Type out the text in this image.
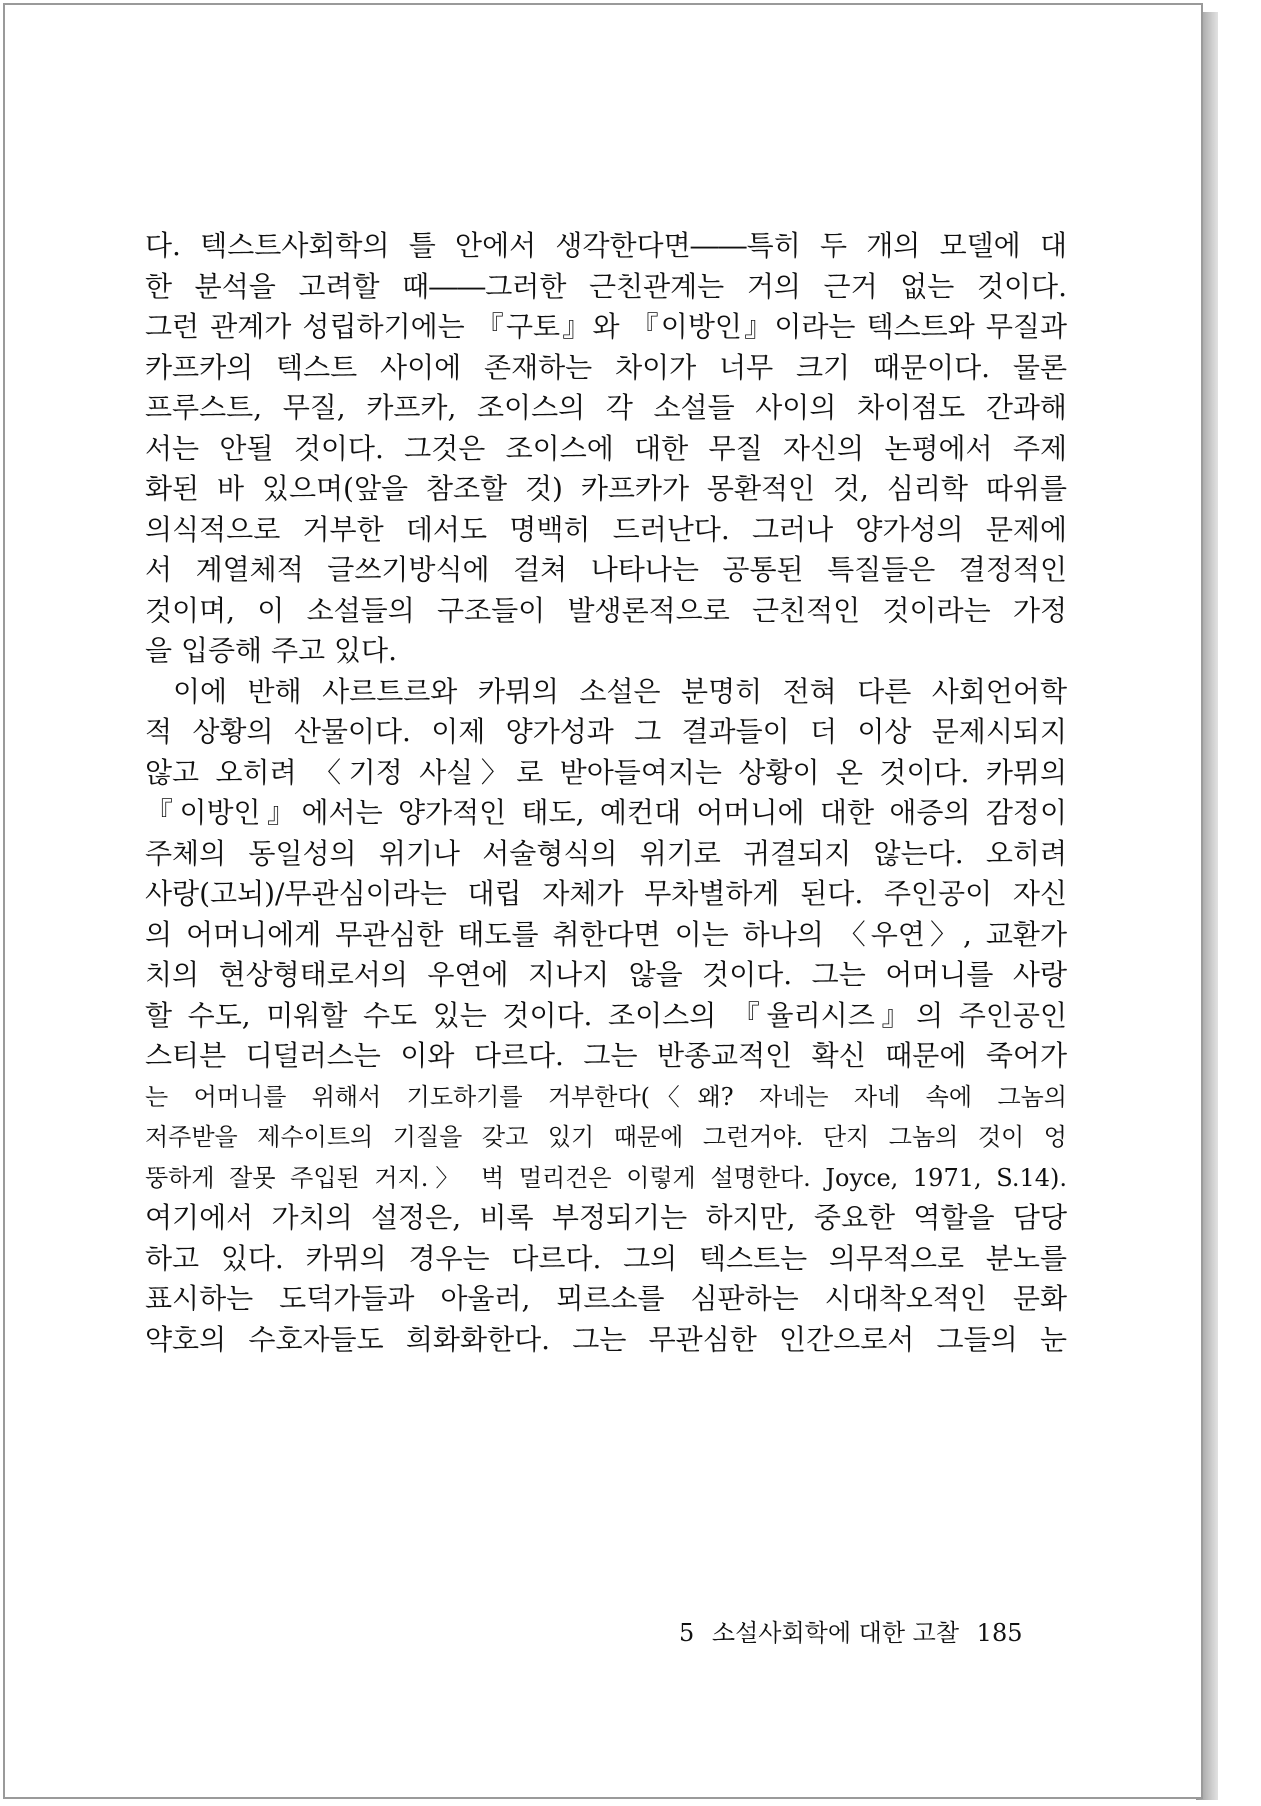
다. 텍스트사회학의 틀 안에서 생각한다면――특히 두 개의 모델에 대
한 분석을 고려할 때――그러한 근친관계는 거의 근거 없는 것이다.
그런 관계가 성립하기에는 『구토』와 『이방인』이라는 텍스트와 무질과
카프카의 텍스트 사이에 존재하는 차이가 너무 크기 때문이다. 물론
프루스트, 무질, 카프카, 조이스의 각 소설들 사이의 차이점도 간과해
서는 안될 것이다. 그것은 조이스에 대한 무질 자신의 논평에서 주제
화된 바 있으며(앞을 참조할 것) 카프카가 몽환적인 것, 심리학 따위를
의식적으로 거부한 데서도 명백히 드러난다. 그러나 양가성의 문제에
서 계열체적 글쓰기방식에 걸쳐 나타나는 공통된 특질들은 결정적인
것이며, 이 소설들의 구조들이 발생론적으로 근친적인 것이라는 가정
을 입증해 주고 있다.
이에 반해 사르트르와 카뮈의 소설은 분명히 전혀 다른 사회언어학
적 상황의 산물이다. 이제 양가성과 그 결과들이 더 이상 문제시되지
않고 오히려 〈기정 사실〉로 받아들여지는 상황이 온 것이다. 카뮈의
『이방인』에서는 양가적인 태도, 예컨대 어머니에 대한 애증의 감정이
주체의 동일성의 위기나 서술형식의 위기로 귀결되지 않는다. 오히려
사랑(고뇌)/무관심이라는 대립 자체가 무차별하게 된다. 주인공이 자신
의 어머니에게 무관심한 태도를 취한다면 이는 하나의 〈우연〉, 교환가
치의 현상형태로서의 우연에 지나지 않을 것이다. 그는 어머니를 사랑
할 수도, 미워할 수도 있는 것이다. 조이스의 『율리시즈』의 주인공인
스티븐 디덜러스는 이와 다르다. 그는 반종교적인 확신 때문에 죽어가
는 어머니를 위해서 기도하기를 거부한다(〈왜? 자네는 자네 속에 그놈의
저주받을 제수이트의 기질을 갖고 있기 때문에 그런거야. 단지 그놈의 것이 엉
뚱하게 잘못 주입된 거지.〉 벅 멀리건은 이렇게 설명한다. Joyce, 1971, S.14).
여기에서 가치의 설정은, 비록 부정되기는 하지만, 중요한 역할을 담당
하고 있다. 카뮈의 경우는 다르다. 그의 텍스트는 의무적으로 분노를
표시하는 도덕가들과 아울러, 뫼르소를 심판하는 시대착오적인 문화
약호의 수호자들도 희화화한다. 그는 무관심한 인간으로서 그들의 눈
5 소설사회학에 대한 고찰 185
